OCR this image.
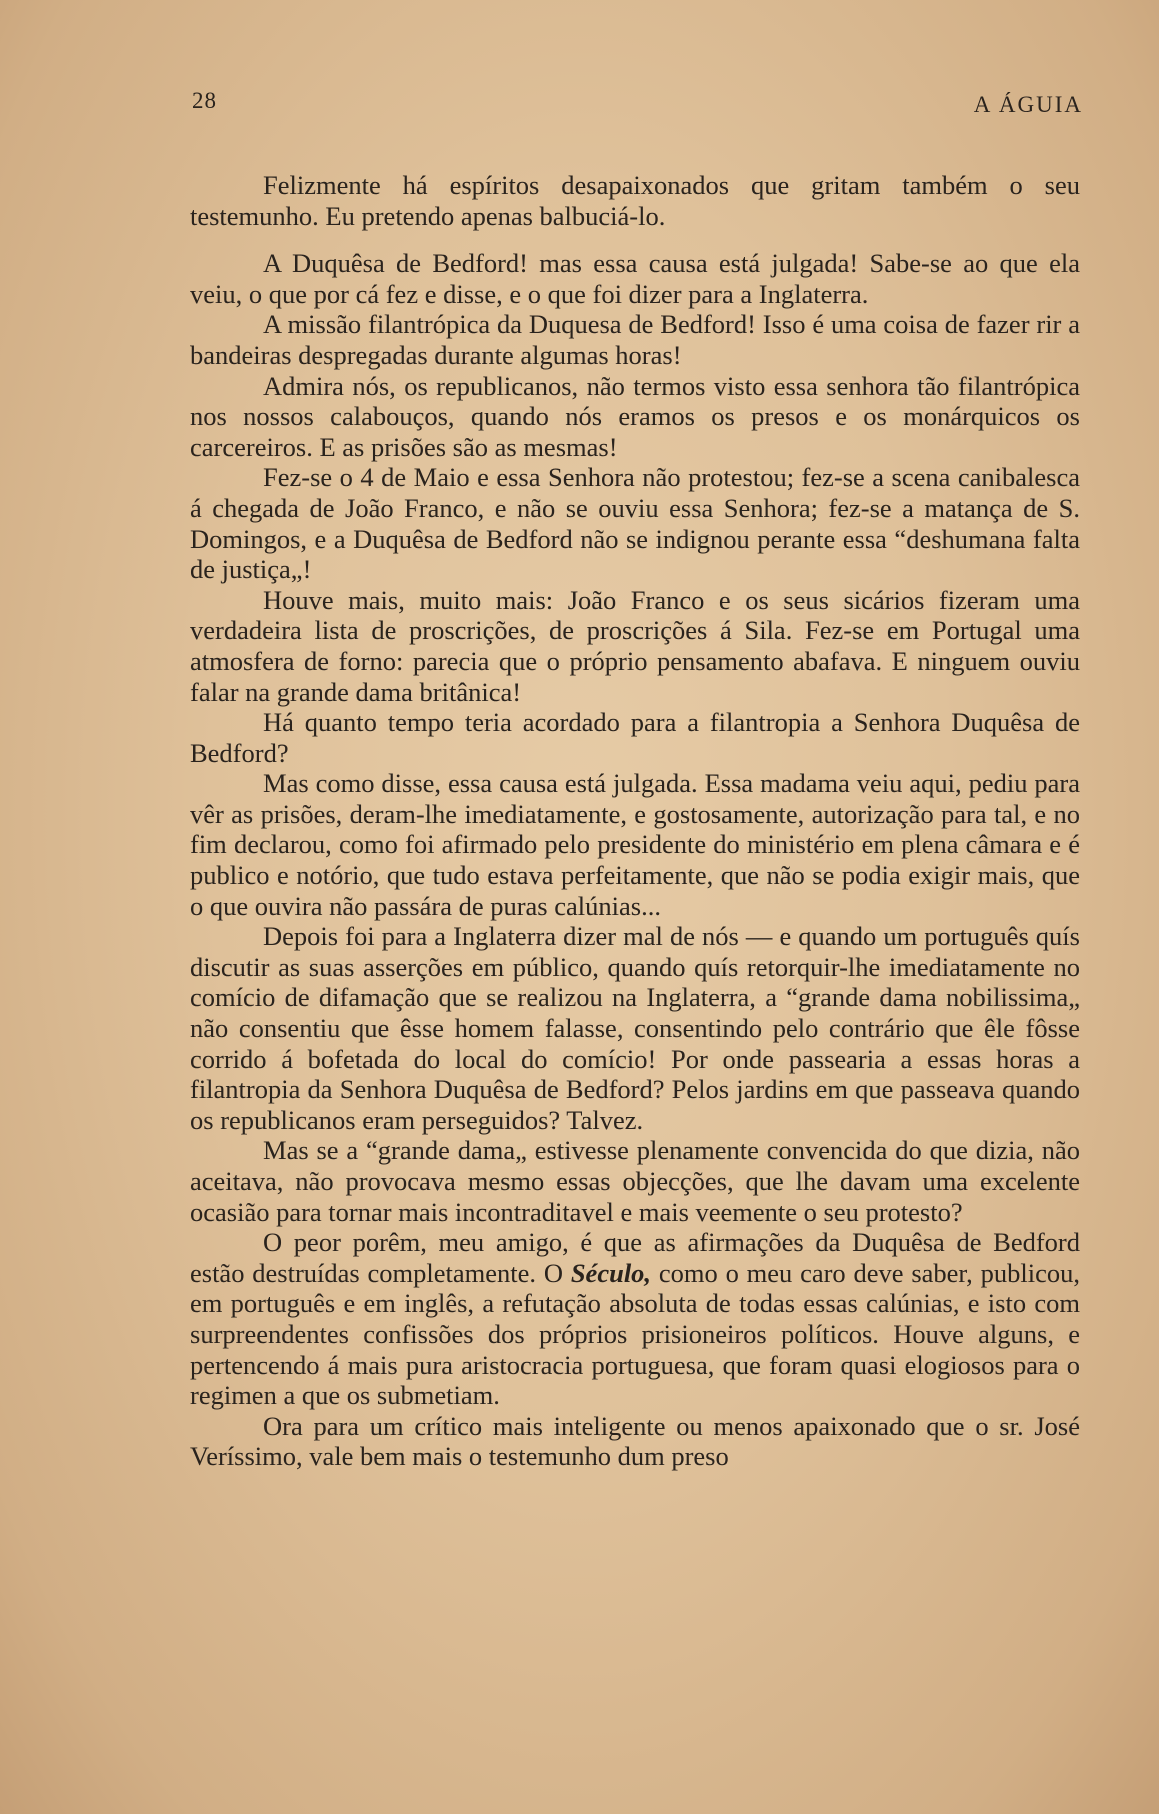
28	A ÁGUIA

Felizmente há espíritos desapaixonados que gritam também o seu testemunho. Eu pretendo apenas balbuciá-lo.

A Duquêsa de Bedford! mas essa causa está julgada! Sabe-se ao que ela veiu, o que por cá fez e disse, e o que foi dizer para a Inglaterra.

A missão filantrópica da Duquesa de Bedford! Isso é uma coisa de fazer rir a bandeiras despregadas durante algumas horas!

Admira nós, os republicanos, não termos visto essa senhora tão filantrópica nos nossos calabouços, quando nós eramos os presos e os monárquicos os carcereiros. E as prisões são as mesmas!

Fez-se o 4 de Maio e essa Senhora não protestou; fez-se a scena canibalesca á chegada de João Franco, e não se ouviu essa Senhora; fez-se a matança de S. Domingos, e a Duquêsa de Bedford não se indignou perante essa “deshumana falta de justiça„!

Houve mais, muito mais: João Franco e os seus sicários fizeram uma verdadeira lista de proscrições, de proscrições á Sila. Fez-se em Portugal uma atmosfera de forno: parecia que o próprio pensamento abafava. E ninguem ouviu falar na grande dama britânica!

Há quanto tempo teria acordado para a filantropia a Senhora Duquêsa de Bedford?

Mas como disse, essa causa está julgada. Essa madama veiu aqui, pediu para vêr as prisões, deram-lhe imediatamente, e gostosamente, autorização para tal, e no fim declarou, como foi afirmado pelo presidente do ministério em plena câmara e é publico e notório, que tudo estava perfeitamente, que não se podia exigir mais, que o que ouvira não passára de puras calúnias...

Depois foi para a Inglaterra dizer mal de nós — e quando um português quís discutir as suas asserções em público, quando quís retorquir-lhe imediatamente no comício de difamação que se realizou na Inglaterra, a “grande dama nobilissima„ não consentiu que êsse homem falasse, consentindo pelo contrário que êle fôsse corrido á bofetada do local do comício! Por onde passearia a essas horas a filantropia da Senhora Duquêsa de Bedford? Pelos jardins em que passeava quando os republicanos eram perseguidos? Talvez.

Mas se a “grande dama„ estivesse plenamente convencida do que dizia, não aceitava, não provocava mesmo essas objecções, que lhe davam uma excelente ocasião para tornar mais incontraditavel e mais veemente o seu protesto?

O peor porêm, meu amigo, é que as afirmações da Duquêsa de Bedford estão destruídas completamente. O Século, como o meu caro deve saber, publicou, em português e em inglês, a refutação absoluta de todas essas calúnias, e isto com surpreendentes confissões dos próprios prisioneiros políticos. Houve alguns, e pertencendo á mais pura aristocracia portuguesa, que foram quasi elogiosos para o regimen a que os submetiam.

Ora para um crítico mais inteligente ou menos apaixonado que o sr. José Veríssimo, vale bem mais o testemunho dum preso
